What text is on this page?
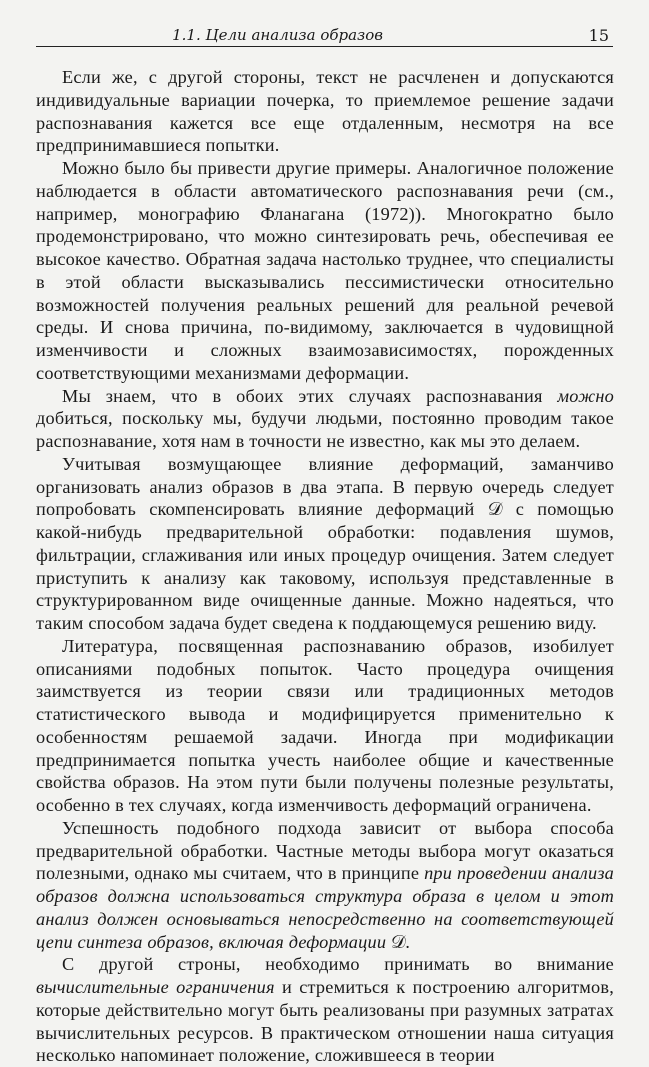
1.1. Цели анализа образов	15

Если же, с другой стороны, текст не расчленен и допускаются индивидуальные вариации почерка, то приемлемое решение задачи распознавания кажется все еще отдаленным, несмотря на все предпринимавшиеся попытки.

Можно было бы привести другие примеры. Аналогичное положение наблюдается в области автоматического распознавания речи (см., например, монографию Фланагана (1972)). Многократно было продемонстрировано, что можно синтезировать речь, обеспечивая ее высокое качество. Обратная задача настолько труднее, что специалисты в этой области высказывались пессимистически относительно возможностей получения реальных решений для реальной речевой среды. И снова причина, по-видимому, заключается в чудовищной изменчивости и сложных взаимозависимостях, порожденных соответствующими механизмами деформации.

Мы знаем, что в обоих этих случаях распознавания можно добиться, поскольку мы, будучи людьми, постоянно проводим такое распознавание, хотя нам в точности не известно, как мы это делаем.

Учитывая возмущающее влияние деформаций, заманчиво организовать анализ образов в два этапа. В первую очередь следует попробовать скомпенсировать влияние деформаций 𝒟 с помощью какой-нибудь предварительной обработки: подавления шумов, фильтрации, сглаживания или иных процедур очищения. Затем следует приступить к анализу как таковому, используя представленные в структурированном виде очищенные данные. Можно надеяться, что таким способом задача будет сведена к поддающемуся решению виду.

Литература, посвященная распознаванию образов, изобилует описаниями подобных попыток. Часто процедура очищения заимствуется из теории связи или традиционных методов статистического вывода и модифицируется применительно к особенностям решаемой задачи. Иногда при модификации предпринимается попытка учесть наиболее общие и качественные свойства образов. На этом пути были получены полезные результаты, особенно в тех случаях, когда изменчивость деформаций ограничена.

Успешность подобного подхода зависит от выбора способа предварительной обработки. Частные методы выбора могут оказаться полезными, однако мы считаем, что в принципе при проведении анализа образов должна использоваться структура образа в целом и этот анализ должен основываться непосредственно на соответствующей цепи синтеза образов, включая деформации 𝒟.

С другой строны, необходимо принимать во внимание вычислительные ограничения и стремиться к построению алгоритмов, которые действительно могут быть реализованы при разумных затратах вычислительных ресурсов. В практическом отношении наша ситуация несколько напоминает положение, сложившееся в теории
